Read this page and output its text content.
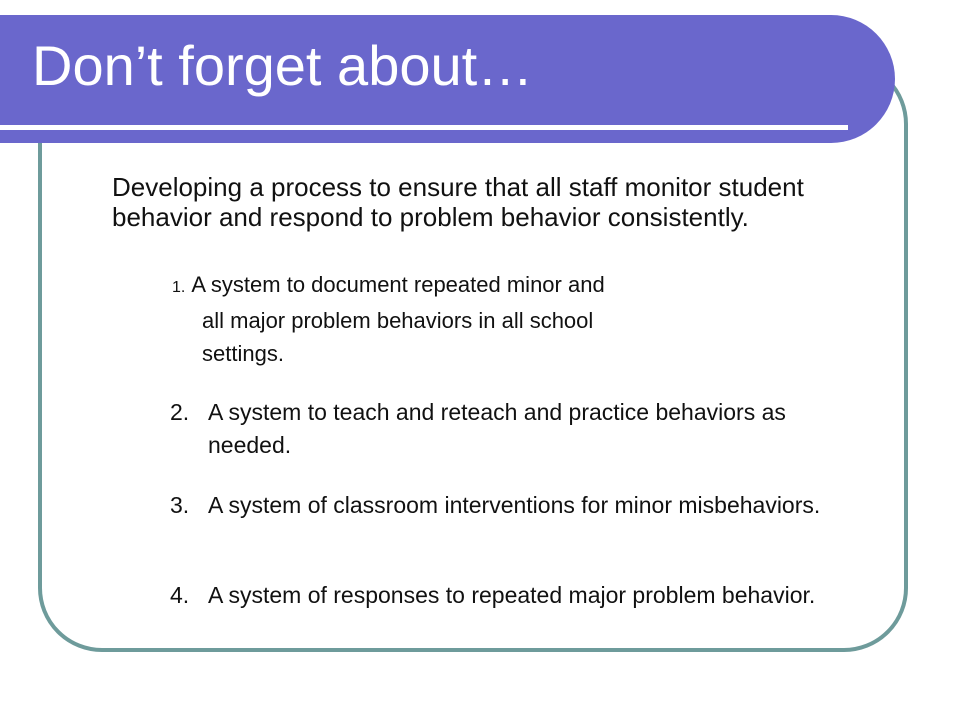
Don’t forget about…

Developing a process to ensure that all staff monitor student behavior and respond to problem behavior consistently.

1. A system to document repeated minor and
all major problem behaviors in all school
settings.
2. A system to teach and reteach and practice behaviors as needed.
3. A system of classroom interventions for minor misbehaviors.
4. A system of responses to repeated major problem behavior.
